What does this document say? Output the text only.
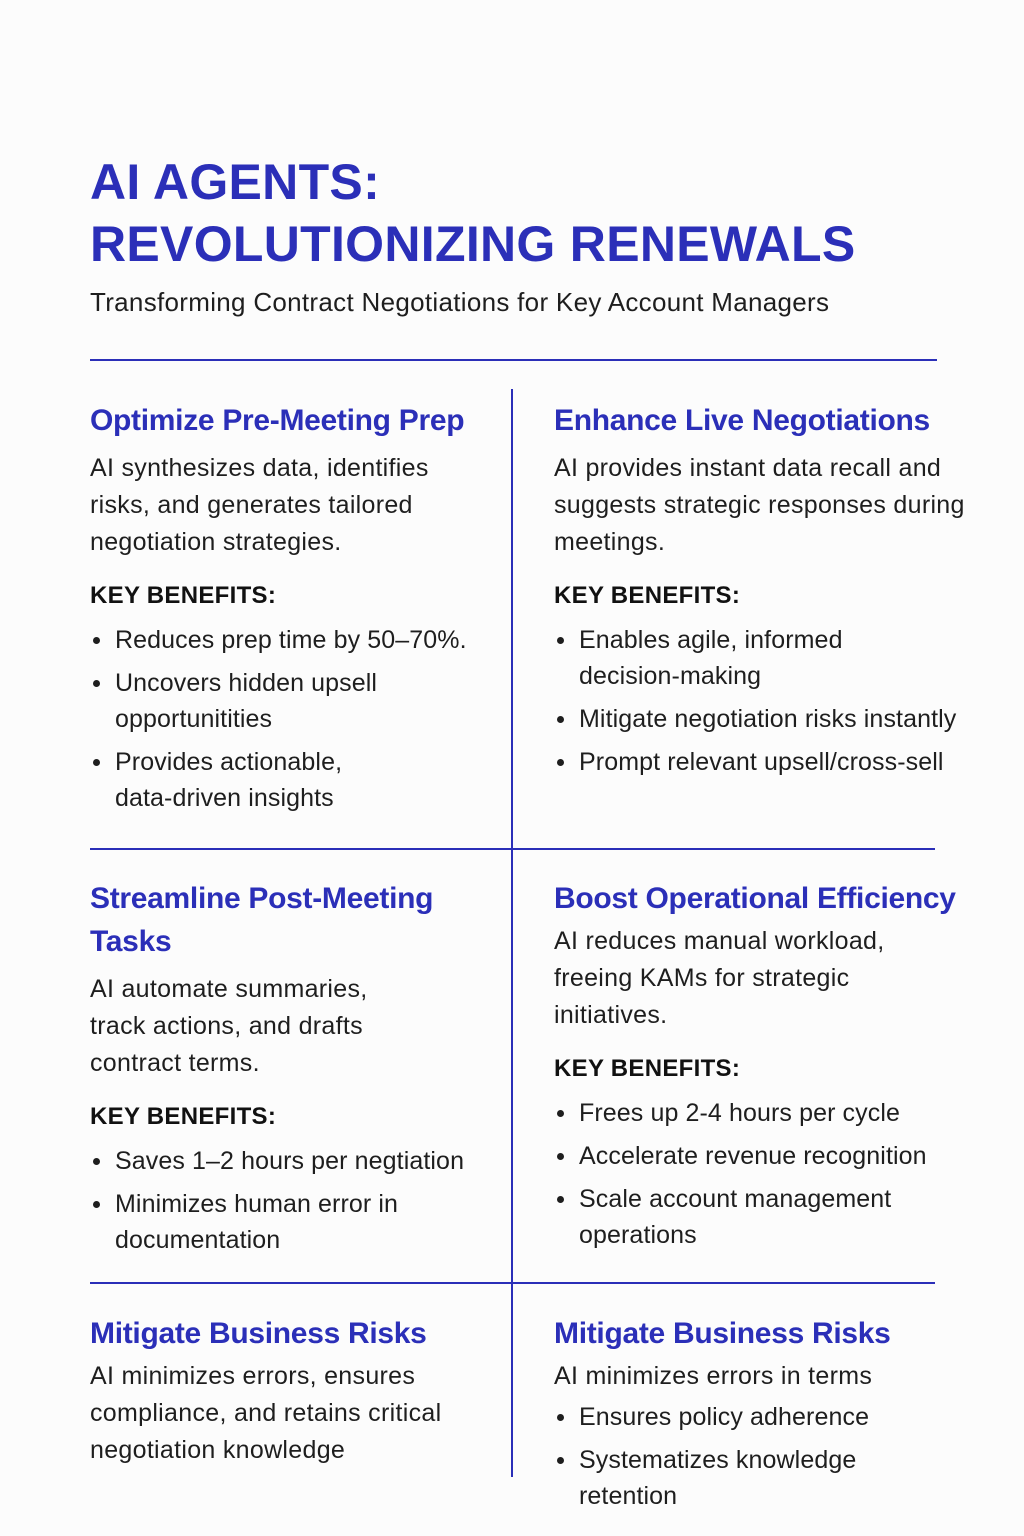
AI AGENTS:
REVOLUTIONIZING RENEWALS
Transforming Contract Negotiations for Key Account Managers
Optimize Pre-Meeting Prep

AI synthesizes data, identifies risks, and generates tailored negotiation strategies.

KEY BENEFITS:
Reduces prep time by 50–70%.
Uncovers hidden upsell opportunitities
Provides actionable, data-driven insights
Enhance Live Negotiations

AI provides instant data recall and suggests strategic responses during meetings.

KEY BENEFITS:
Enables agile, informed decision-making
Mitigate negotiation risks instantly
Prompt relevant upsell/cross-sell
Streamline Post-Meeting Tasks

AI automate summaries, track actions, and drafts contract terms.

KEY BENEFITS:
Saves 1–2 hours per negtiation
Minimizes human error in documentation
Boost Operational Efficiency

AI reduces manual workload, freeing KAMs for strategic initiatives.

KEY BENEFITS:
Frees up 2-4 hours per cycle
Accelerate revenue recognition
Scale account management operations
Mitigate Business Risks

AI minimizes errors, ensures compliance, and retains critical negotiation knowledge

Mitigate Business Risks

AI minimizes errors in terms

Ensures policy adherence
Systematizes knowledge retention
